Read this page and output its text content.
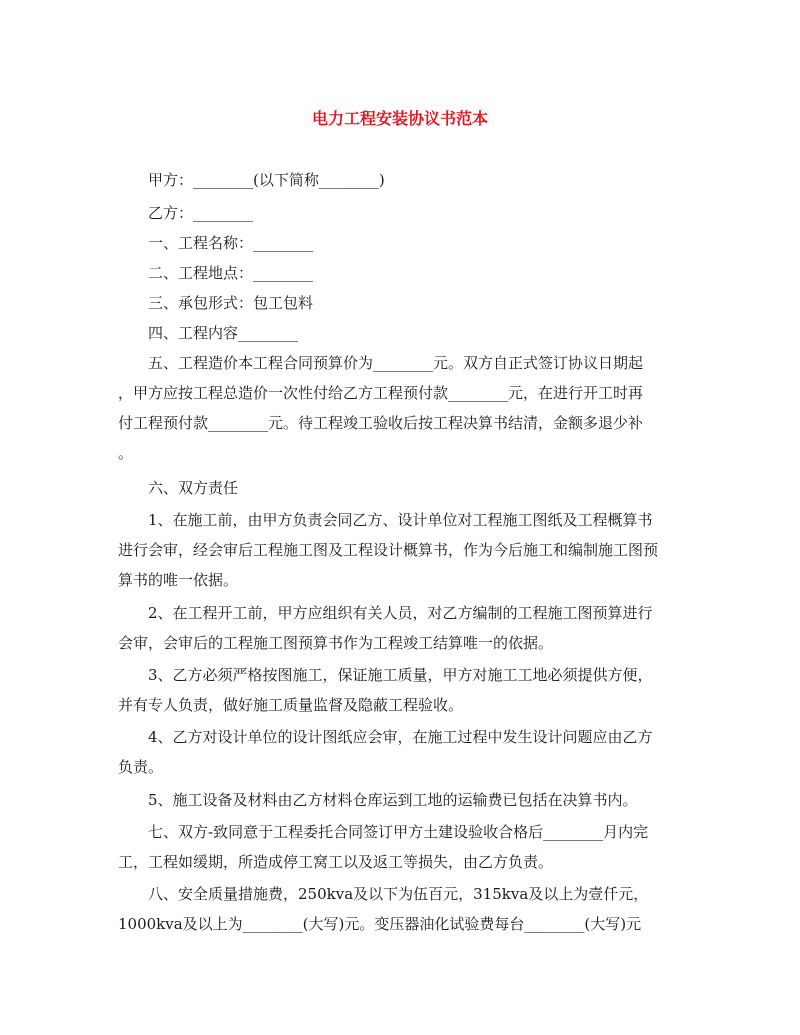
电力工程安装协议书范本
甲方：________(以下简称________)
乙方：________
一、工程名称：________
二、工程地点：________
三、承包形式：包工包料
四、工程内容________
五、工程造价本工程合同预算价为________元。双方自正式签订协议日期起
，甲方应按工程总造价一次性付给乙方工程预付款________元，在进行开工时再
付工程预付款________元。待工程竣工验收后按工程决算书结清，金额多退少补
。
六、双方责任
1、在施工前，由甲方负责会同乙方、设计单位对工程施工图纸及工程概算书
进行会审，经会审后工程施工图及工程设计概算书，作为今后施工和编制施工图预
算书的唯一依据。
2、在工程开工前，甲方应组织有关人员，对乙方编制的工程施工图预算进行
会审，会审后的工程施工图预算书作为工程竣工结算唯一的依据。
3、乙方必须严格按图施工，保证施工质量，甲方对施工工地必须提供方便，
并有专人负责，做好施工质量监督及隐蔽工程验收。
4、乙方对设计单位的设计图纸应会审，在施工过程中发生设计问题应由乙方
负责。
5、施工设备及材料由乙方材料仓库运到工地的运输费已包括在决算书内。
七、双方-致同意于工程委托合同签订甲方土建设验收合格后________月内完
工，工程如缓期，所造成停工窝工以及返工等损失，由乙方负责。
八、安全质量措施费，250kva及以下为伍百元，315kva及以上为壹仟元，
1000kva及以上为________(大写)元。变压器油化试验费每台________(大写)元
